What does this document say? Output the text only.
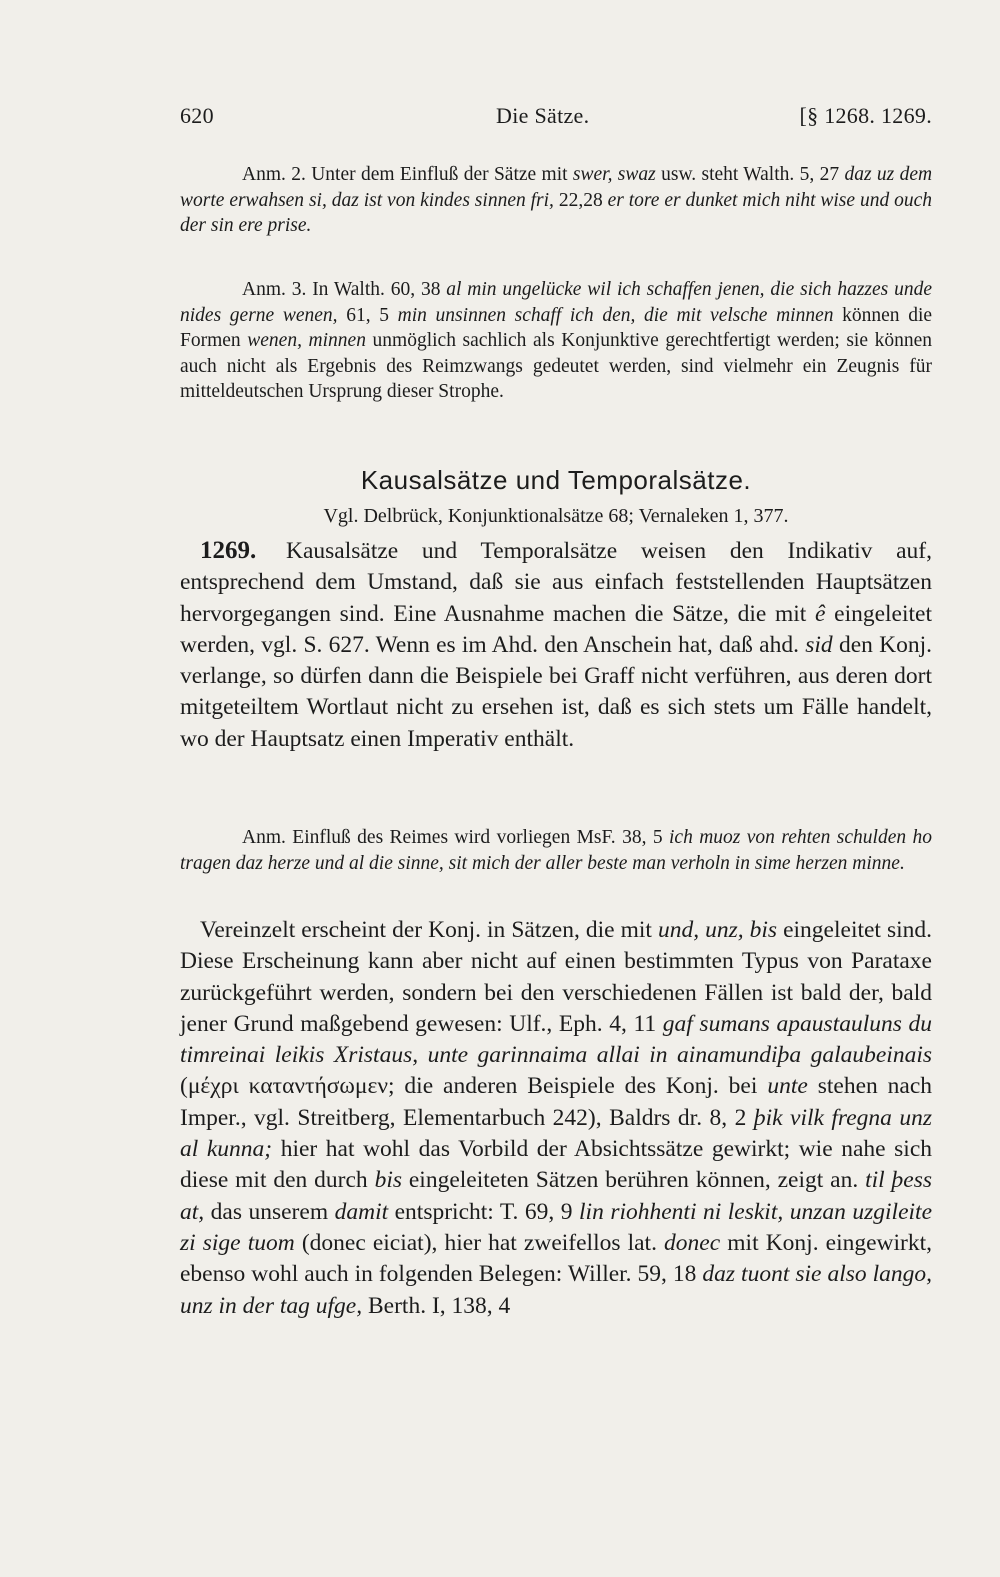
620	Die Sätze.	[§ 1268. 1269.

Anm. 2. Unter dem Einfluß der Sätze mit swer, swaz usw. steht Walth. 5, 27 daz uz dem worte erwahsen si, daz ist von kindes sinnen fri, 22,28 er tore er dunket mich niht wise und ouch der sin ere prise.

Anm. 3. In Walth. 60, 38 al min ungelücke wil ich schaffen jenen, die sich hazzes unde nides gerne wenen, 61, 5 min unsinnen schaff ich den, die mit velsche minnen können die Formen wenen, minnen unmöglich sachlich als Konjunktive gerechtfertigt werden; sie können auch nicht als Ergebnis des Reimzwangs gedeutet werden, sind vielmehr ein Zeugnis für mitteldeutschen Ursprung dieser Strophe.

Kausalsätze und Temporalsätze.
Vgl. Delbrück, Konjunktionalsätze 68; Vernaleken 1, 377.

1269. Kausalsätze und Temporalsätze weisen den Indikativ auf, entsprechend dem Umstand, daß sie aus einfach feststellenden Hauptsätzen hervorgegangen sind. Eine Ausnahme machen die Sätze, die mit ê eingeleitet werden, vgl. S. 627. Wenn es im Ahd. den Anschein hat, daß ahd. sid den Konj. verlange, so dürfen dann die Beispiele bei Graff nicht verführen, aus deren dort mitgeteiltem Wortlaut nicht zu ersehen ist, daß es sich stets um Fälle handelt, wo der Hauptsatz einen Imperativ enthält.

Anm. Einfluß des Reimes wird vorliegen MsF. 38, 5 ich muoz von rehten schulden ho tragen daz herze und al die sinne, sit mich der aller beste man verholn in sime herzen minne.

Vereinzelt erscheint der Konj. in Sätzen, die mit und, unz, bis eingeleitet sind. Diese Erscheinung kann aber nicht auf einen bestimmten Typus von Parataxe zurückgeführt werden, sondern bei den verschiedenen Fällen ist bald der, bald jener Grund maßgebend gewesen: Ulf., Eph. 4, 11 gaf sumans apaustauluns du timreinai leikis Xristaus, unte garinnaima allai in ainamundiþa galaubeinais (μέχρι καταντήσωμεν; die anderen Beispiele des Konj. bei unte stehen nach Imper., vgl. Streitberg, Elementarbuch 242), Baldrs dr. 8, 2 þik vilk fregna unz al kunna; hier hat wohl das Vorbild der Absichtssätze gewirkt; wie nahe sich diese mit den durch bis eingeleiteten Sätzen berühren können, zeigt an. til þess at, das unserem damit entspricht: T. 69, 9 lin riohhenti ni leskit, unzan uzgileite zi sige tuom (donec eiciat), hier hat zweifellos lat. donec mit Konj. eingewirkt, ebenso wohl auch in folgenden Belegen: Willer. 59, 18 daz tuont sie also lango, unz in der tag ufge, Berth. I, 138, 4
